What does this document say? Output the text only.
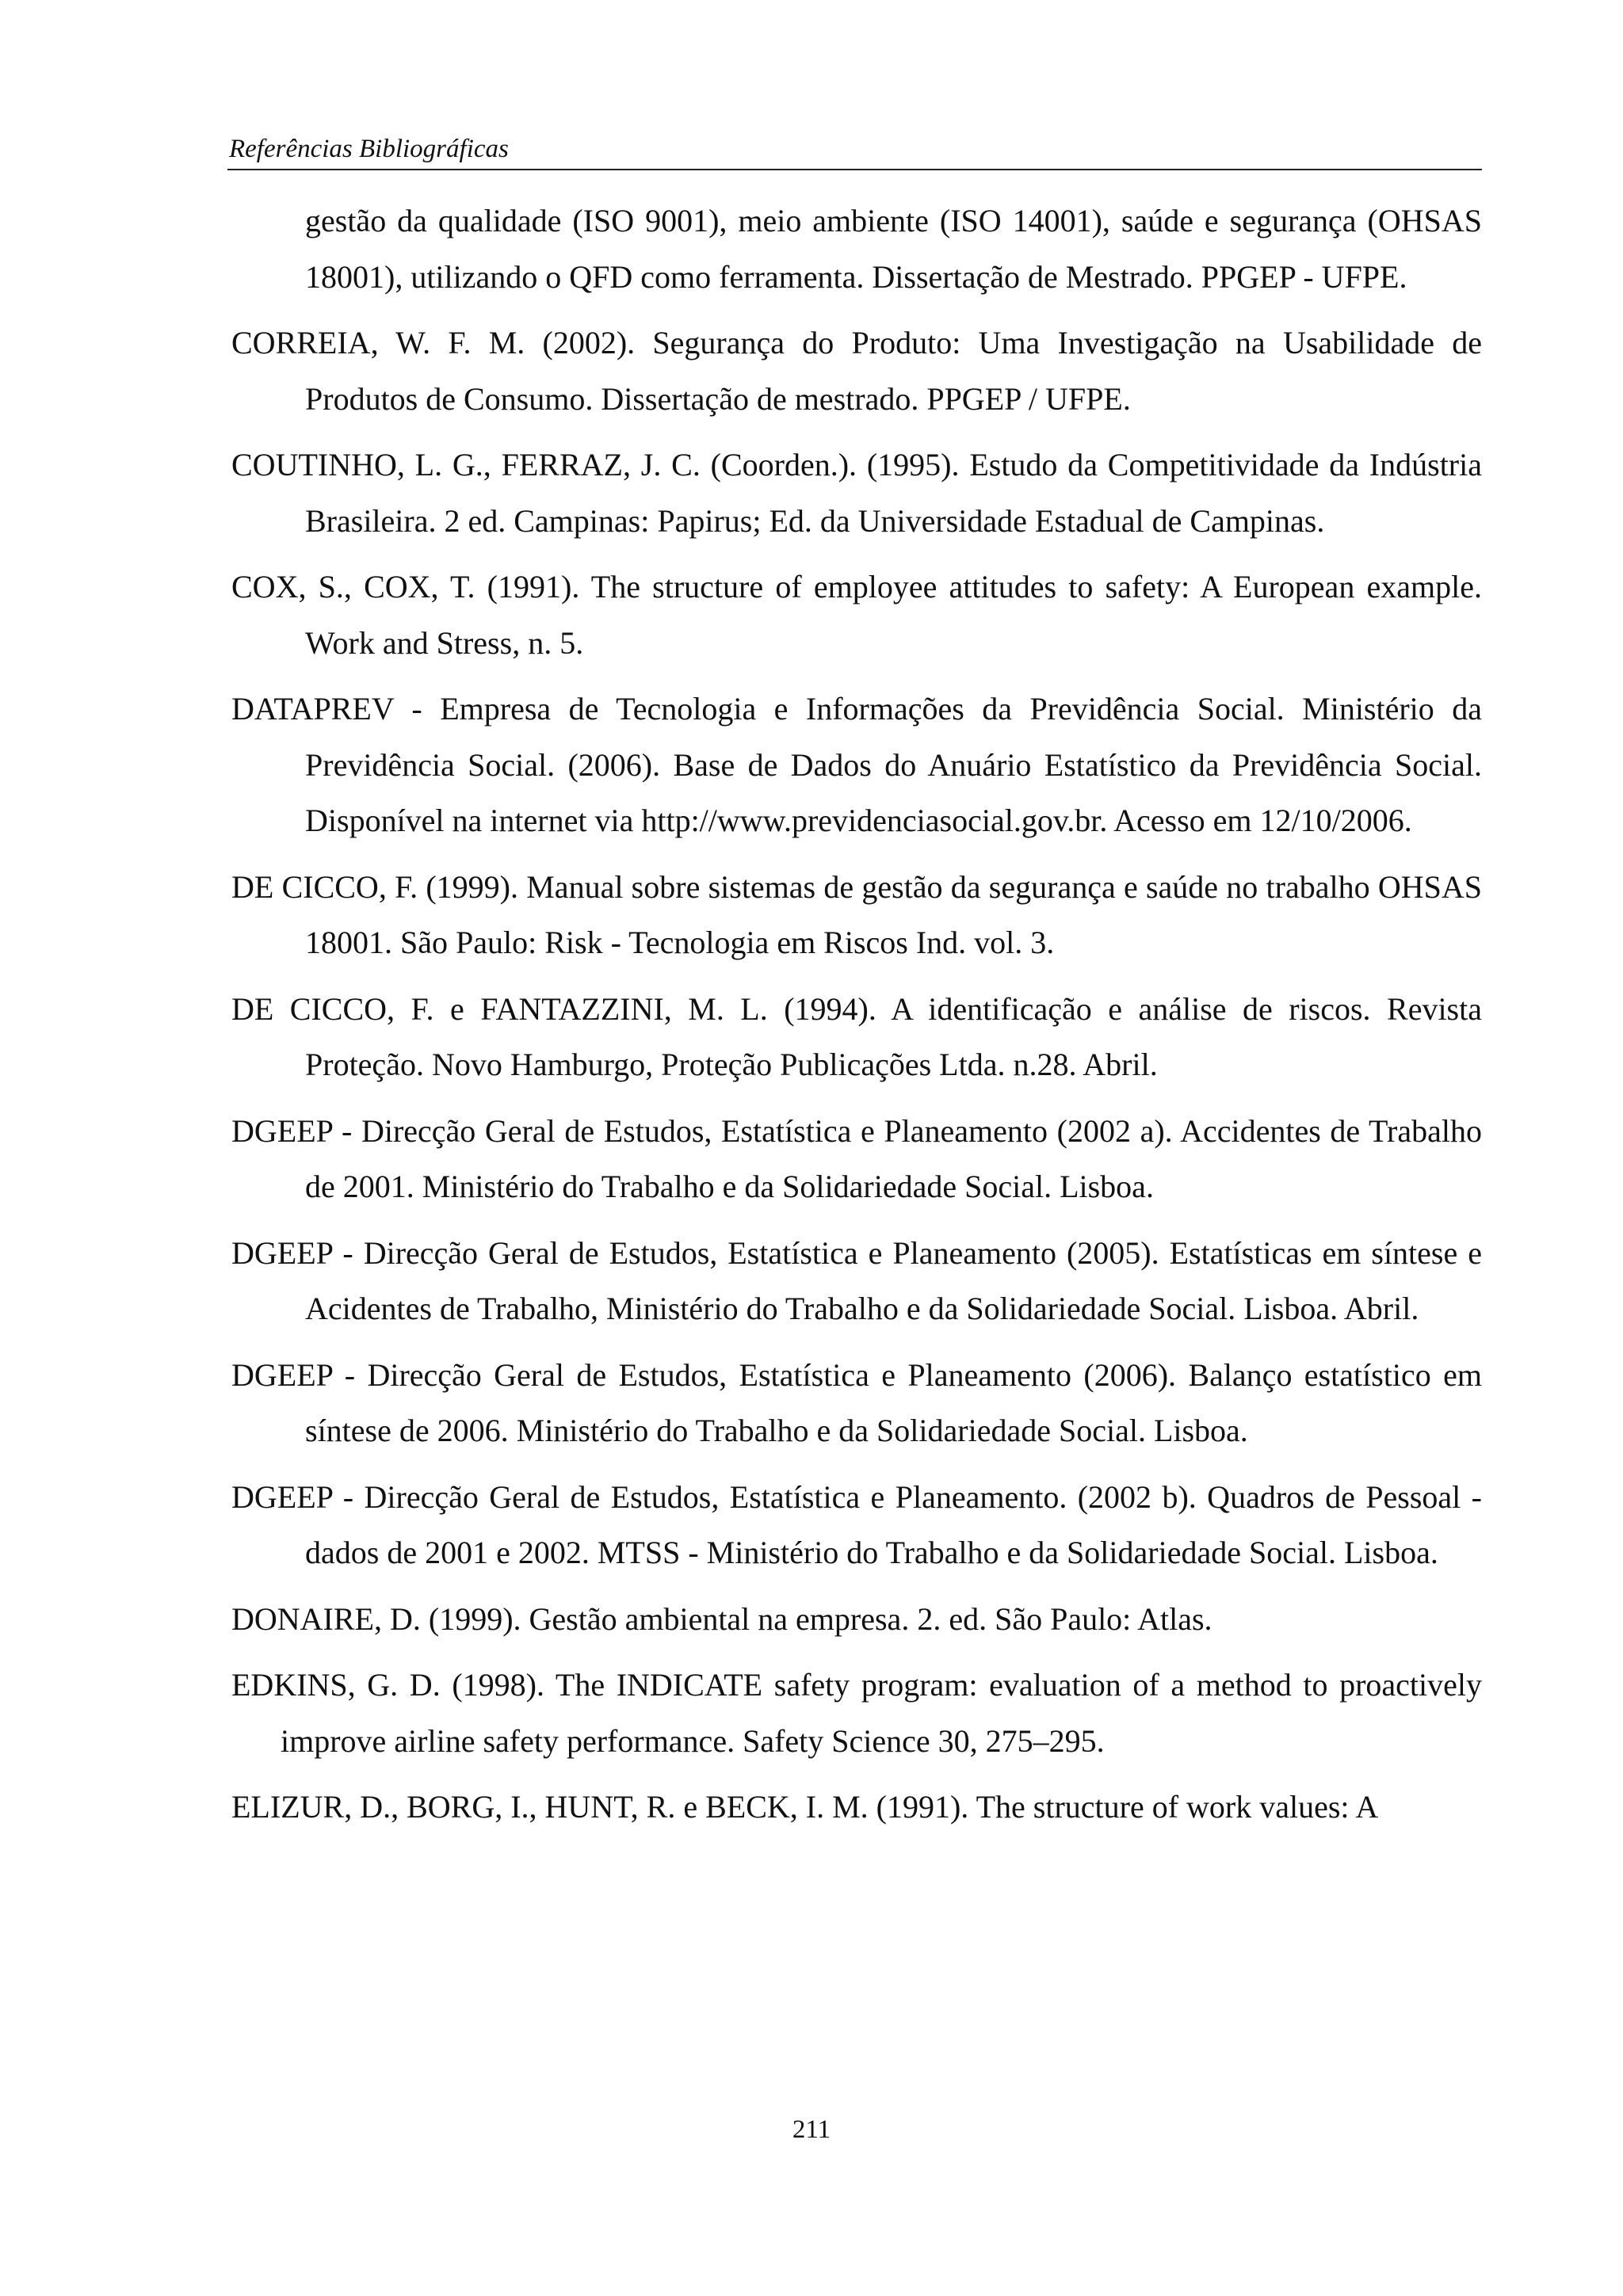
Referências Bibliográficas

gestão da qualidade (ISO 9001), meio ambiente (ISO 14001), saúde e segurança (OHSAS 18001), utilizando o QFD como ferramenta. Dissertação de Mestrado. PPGEP - UFPE.

CORREIA, W. F. M. (2002). Segurança do Produto: Uma Investigação na Usabilidade de Produtos de Consumo. Dissertação de mestrado. PPGEP / UFPE.

COUTINHO, L. G., FERRAZ, J. C. (Coorden.). (1995). Estudo da Competitividade da Indústria Brasileira. 2 ed. Campinas: Papirus; Ed. da Universidade Estadual de Campinas.

COX, S., COX, T. (1991). The structure of employee attitudes to safety: A European example. Work and Stress, n. 5.

DATAPREV - Empresa de Tecnologia e Informações da Previdência Social. Ministério da Previdência Social. (2006). Base de Dados do Anuário Estatístico da Previdência Social. Disponível na internet via http://www.previdenciasocial.gov.br. Acesso em 12/10/2006.

DE CICCO, F. (1999). Manual sobre sistemas de gestão da segurança e saúde no trabalho OHSAS 18001. São Paulo: Risk - Tecnologia em Riscos Ind. vol. 3.

DE CICCO, F. e FANTAZZINI, M. L. (1994). A identificação e análise de riscos. Revista Proteção. Novo Hamburgo, Proteção Publicações Ltda. n.28. Abril.

DGEEP - Direcção Geral de Estudos, Estatística e Planeamento (2002 a). Accidentes de Trabalho de 2001. Ministério do Trabalho e da Solidariedade Social. Lisboa.

DGEEP - Direcção Geral de Estudos, Estatística e Planeamento (2005). Estatísticas em síntese e Acidentes de Trabalho, Ministério do Trabalho e da Solidariedade Social. Lisboa. Abril.

DGEEP - Direcção Geral de Estudos, Estatística e Planeamento (2006). Balanço estatístico em síntese de 2006. Ministério do Trabalho e da Solidariedade Social. Lisboa.

DGEEP - Direcção Geral de Estudos, Estatística e Planeamento. (2002 b). Quadros de Pessoal - dados de 2001 e 2002. MTSS - Ministério do Trabalho e da Solidariedade Social. Lisboa.

DONAIRE, D. (1999). Gestão ambiental na empresa. 2. ed. São Paulo: Atlas.

EDKINS, G. D. (1998). The INDICATE safety program: evaluation of a method to proactively improve airline safety performance. Safety Science 30, 275–295.

ELIZUR, D., BORG, I., HUNT, R. e BECK, I. M. (1991). The structure of work values: A

211
